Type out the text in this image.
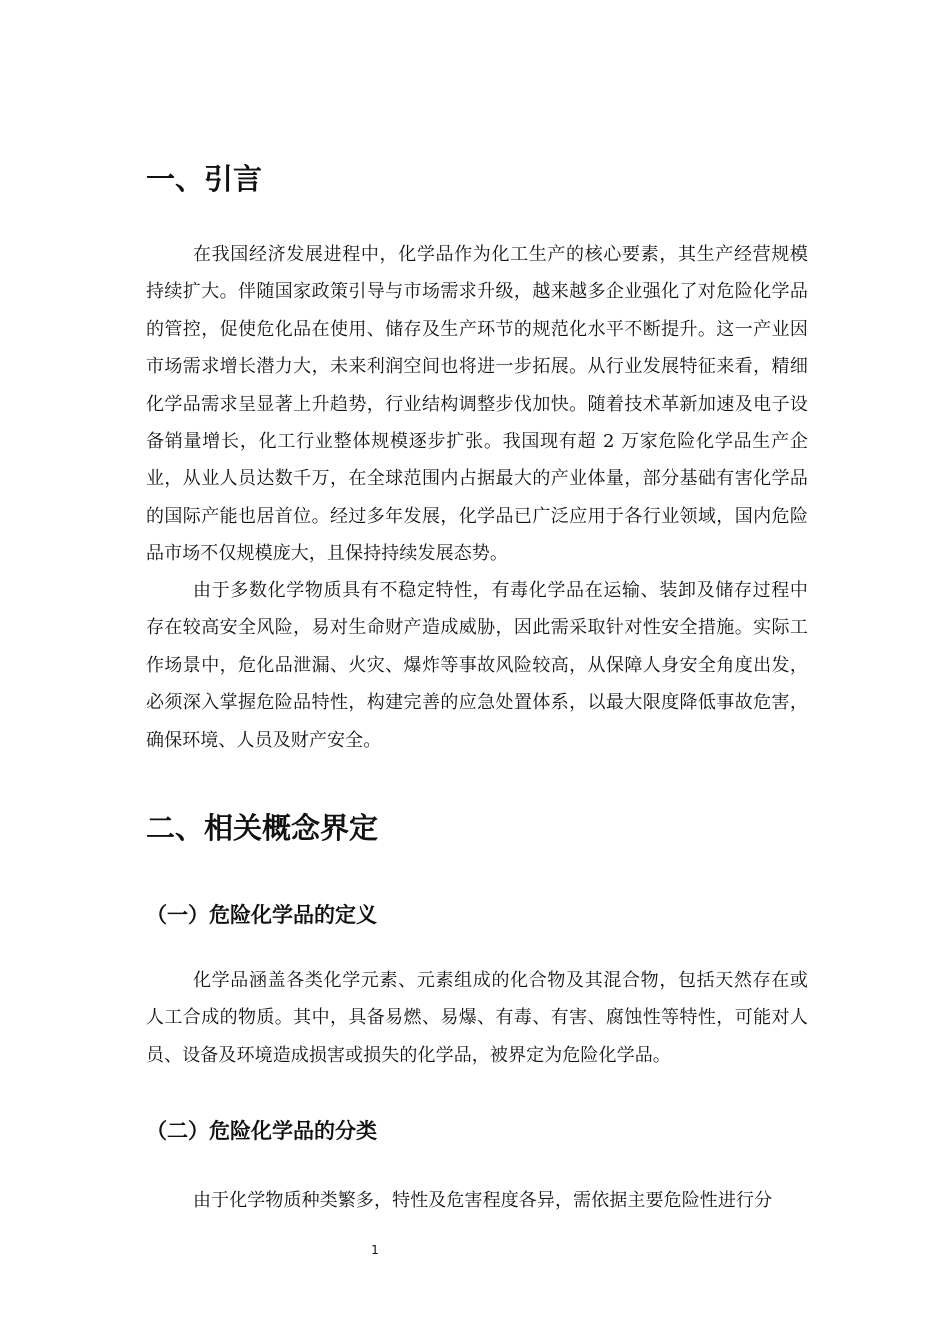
一、引言

在我国经济发展进程中，化学品作为化工生产的核心要素，其生产经营规模持续扩大。伴随国家政策引导与市场需求升级，越来越多企业强化了对危险化学品的管控，促使危化品在使用、储存及生产环节的规范化水平不断提升。这一产业因市场需求增长潜力大，未来利润空间也将进一步拓展。从行业发展特征来看，精细化学品需求呈显著上升趋势，行业结构调整步伐加快。随着技术革新加速及电子设备销量增长，化工行业整体规模逐步扩张。我国现有超 2 万家危险化学品生产企业，从业人员达数千万，在全球范围内占据最大的产业体量，部分基础有害化学品的国际产能也居首位。经过多年发展，化学品已广泛应用于各行业领域，国内危险品市场不仅规模庞大，且保持持续发展态势。

由于多数化学物质具有不稳定特性，有毒化学品在运输、装卸及储存过程中存在较高安全风险，易对生命财产造成威胁，因此需采取针对性安全措施。实际工作场景中，危化品泄漏、火灾、爆炸等事故风险较高，从保障人身安全角度出发，必须深入掌握危险品特性，构建完善的应急处置体系，以最大限度降低事故危害，确保环境、人员及财产安全。

二、相关概念界定
（一）危险化学品的定义

化学品涵盖各类化学元素、元素组成的化合物及其混合物，包括天然存在或人工合成的物质。其中，具备易燃、易爆、有毒、有害、腐蚀性等特性，可能对人员、设备及环境造成损害或损失的化学品，被界定为危险化学品。

（二）危险化学品的分类

由于化学物质种类繁多，特性及危害程度各异，需依据主要危险性进行分

1
